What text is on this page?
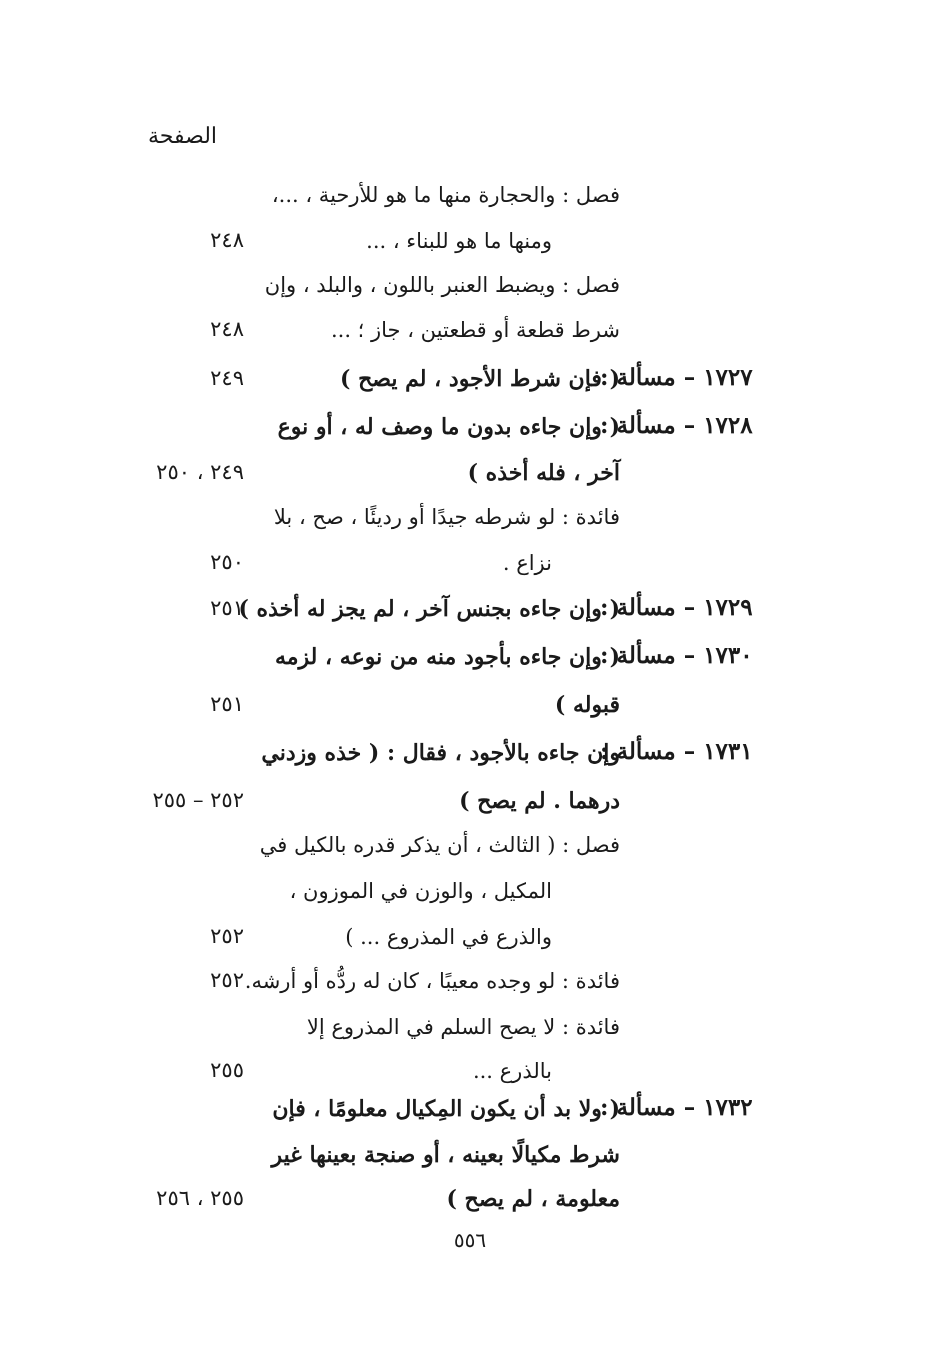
الصفحة
فصل : والحجارة منها ما هو للأرحية ، ...،
ومنها ما هو للبناء ، ...
٢٤٨
فصل : ويضبط العنبر باللون ، والبلد ، وإن
شرط قطعة أو قطعتين ، جاز ؛ ...
٢٤٨
١٧٢٧ – مسألة :
( فإن شرط الأجود ، لم يصح )
٢٤٩
١٧٢٨ – مسألة :
( وإن جاءه بدون ما وصف له ، أو نوع
آخر ، فله أخذه )
٢٤٩ ، ٢٥٠
فائدة : لو شرطه جيدًا أو رديئًا ، صح ، بلا
نزاع .
٢٥٠
١٧٢٩ – مسألة :
( وإن جاءه بجنس آخر ، لم يجز له أخذه )
٢٥١
١٧٣٠ – مسألة :
( وإن جاءه بأجود منه من نوعه ، لزمه
قبوله )
٢٥١
١٧٣١ – مسألة :
وإن جاءه بالأجود ، فقال : ( خذه وزدني
درهما . لم يصح )
٢٥٢ – ٢٥٥
فصل : ( الثالث ، أن يذكر قدره بالكيل في
المكيل ، والوزن في الموزون ،
والذرع في المذروع ... )
٢٥٢
فائدة : لو وجده معيبًا ، كان له ردُّه أو أرشه.
٢٥٢
فائدة : لا يصح السلم في المذروع إلا
بالذرع ...
٢٥٥
١٧٣٢ – مسألة :
( ولا بد أن يكون المِكيال معلومًا ، فإن
شرط مكيالًا بعينه ، أو صنجة بعينها غير
معلومة ، لم يصح )
٢٥٥ ، ٢٥٦
٥٥٦
